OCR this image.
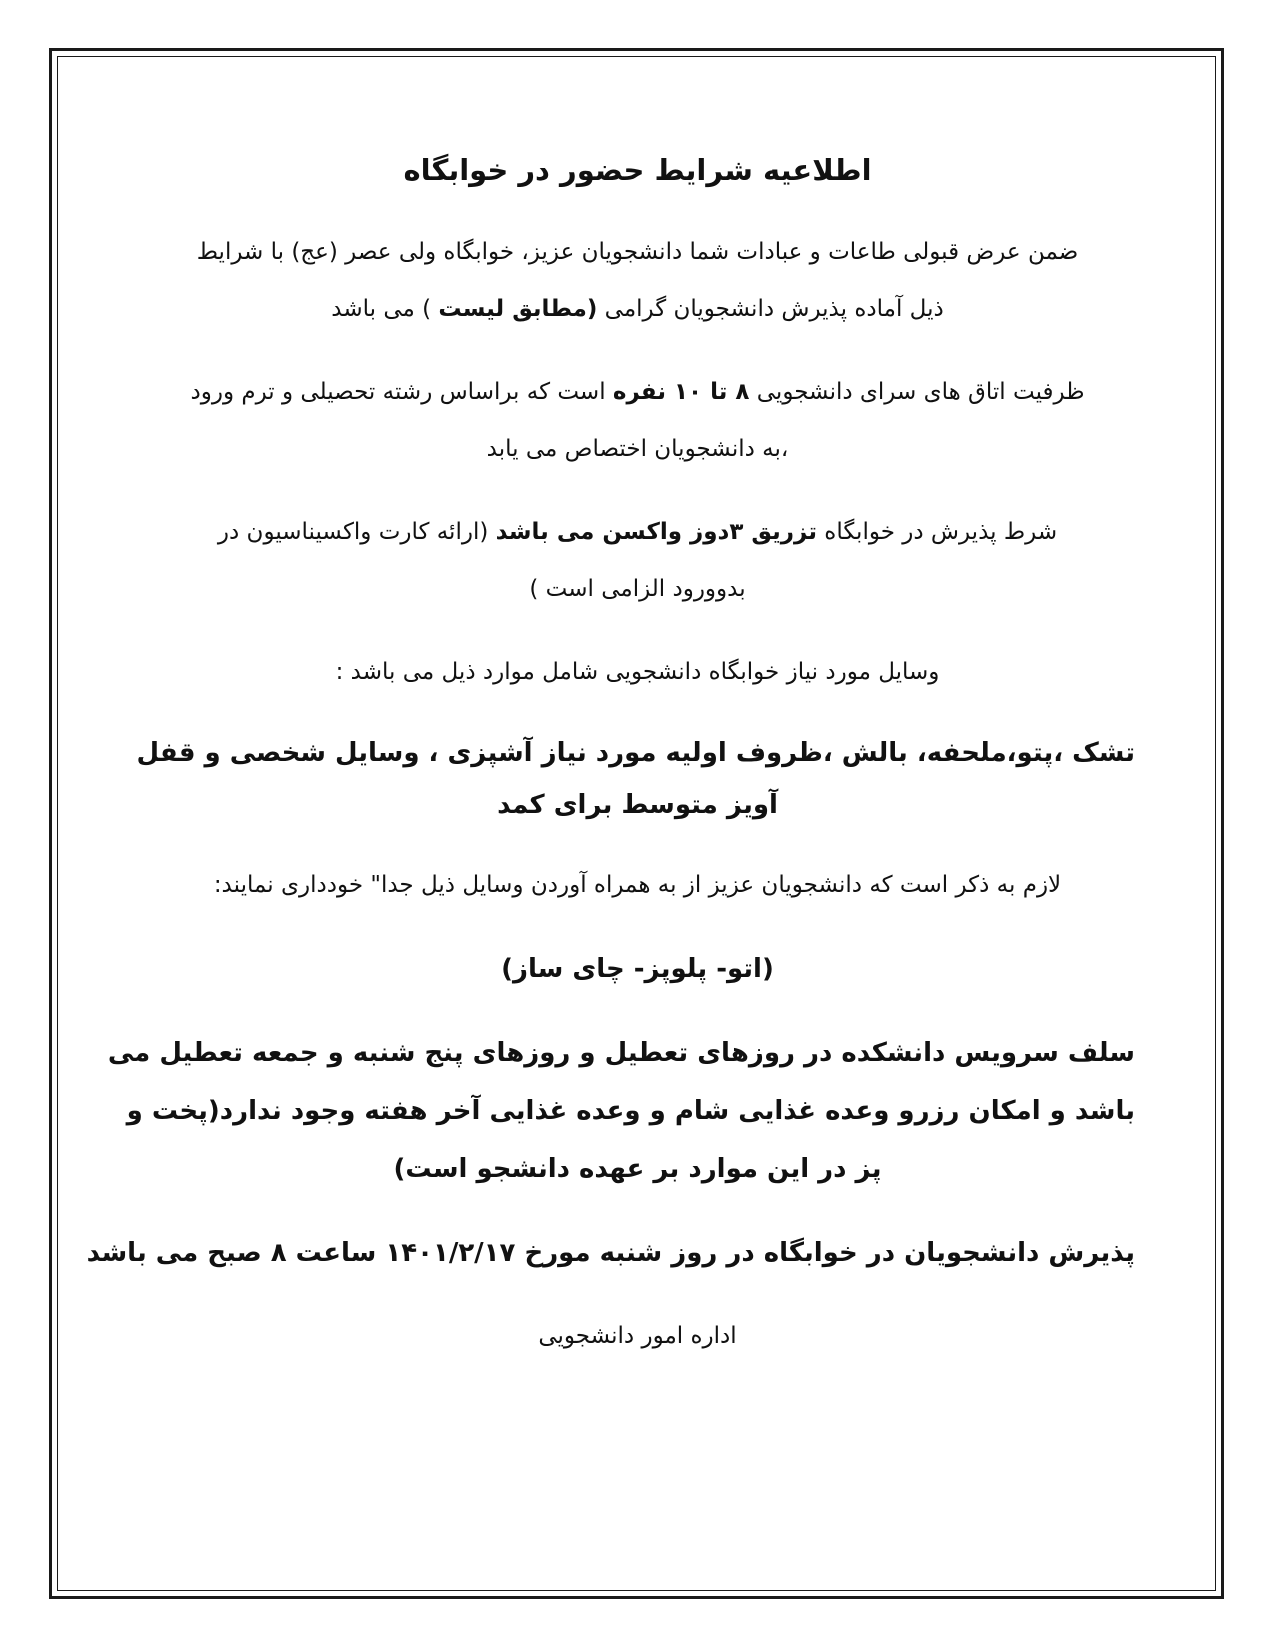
اطلاعیه شرایط حضور در خوابگاه
ضمن عرض قبولی طاعات و عبادات شما دانشجویان عزیز، خوابگاه ولی عصر (عج) با شرایط
ذیل آماده پذیرش دانشجویان گرامی (مطابق لیست ) می باشد
ظرفیت اتاق های سرای دانشجویی ۸ تا ۱۰ نفره است که براساس رشته تحصیلی و ترم ورود
،به دانشجویان اختصاص می یابد
شرط پذیرش در خوابگاه تزریق ۳دوز واکسن می باشد (ارائه کارت واکسیناسیون در
بدوورود الزامی است )
وسایل مورد نیاز خوابگاه دانشجویی شامل موارد ذیل می باشد :
تشک ،پتو،ملحفه، بالش ،ظروف اولیه مورد نیاز آشپزی ، وسایل شخصی و قفل
آویز متوسط برای کمد
لازم به ذکر است که دانشجویان عزیز از به همراه آوردن وسایل ذیل جدا" خودداری نمایند:
(اتو- پلوپز- چای ساز)
سلف سرویس دانشکده در روزهای تعطیل و روزهای پنج شنبه و جمعه تعطیل می
باشد و امکان رزرو وعده غذایی شام و وعده غذایی آخر هفته وجود ندارد(پخت و
پز در این موارد بر عهده دانشجو است)
پذیرش دانشجویان در خوابگاه در روز شنبه مورخ ۱۴۰۱/۲/۱۷ ساعت ۸ صبح می باشد
اداره امور دانشجویی
